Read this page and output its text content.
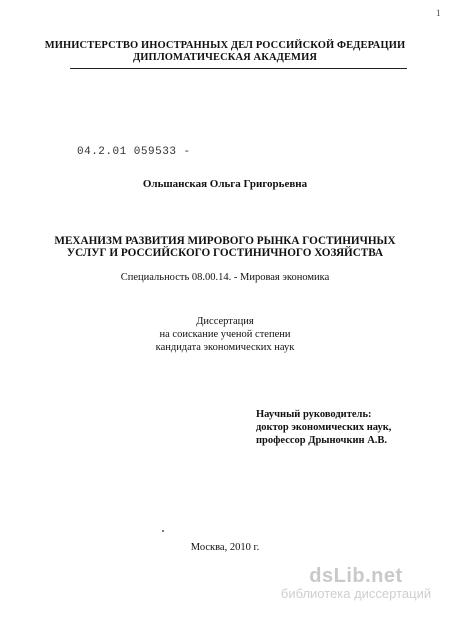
1
МИНИСТЕРСТВО ИНОСТРАННЫХ ДЕЛ РОССИЙСКОЙ ФЕДЕРАЦИИ
ДИПЛОМАТИЧЕСКАЯ АКАДЕМИЯ
04.2.01 059533 -
Ольшанская Ольга Григорьевна
МЕХАНИЗМ РАЗВИТИЯ МИРОВОГО РЫНКА ГОСТИНИЧНЫХ
УСЛУГ И РОССИЙСКОГО ГОСТИНИЧНОГО ХОЗЯЙСТВА
Специальность 08.00.14. - Мировая экономика
Диссертация
на соискание ученой степени
кандидата экономических наук
Научный руководитель:
доктор экономических наук,
профессор Дрыночкин А.В.
Москва, 2010 г.
dsLib.net
библиотека диссертаций
